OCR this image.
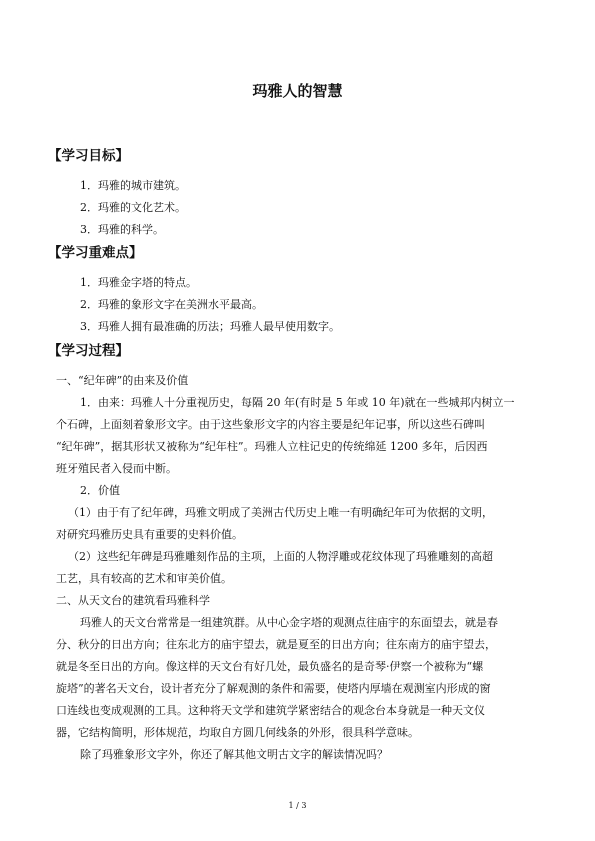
玛雅人的智慧
【学习目标】
1．玛雅的城市建筑。
2．玛雅的文化艺术。
3．玛雅的科学。
【学习重难点】
1．玛雅金字塔的特点。
2．玛雅的象形文字在美洲水平最高。
3．玛雅人拥有最准确的历法；玛雅人最早使用数字。
【学习过程】
一、“纪年碑”的由来及价值
1．由来：玛雅人十分重视历史，每隔 20 年(有时是 5 年或 10 年)就在一些城邦内树立一
个石碑，上面刻着象形文字。由于这些象形文字的内容主要是纪年记事，所以这些石碑叫
“纪年碑”，据其形状又被称为“纪年柱”。玛雅人立柱记史的传统绵延 1200 多年，后因西
班牙殖民者入侵而中断。
2．价值
（1）由于有了纪年碑，玛雅文明成了美洲古代历史上唯一有明确纪年可为依据的文明，
对研究玛雅历史具有重要的史料价值。
（2）这些纪年碑是玛雅雕刻作品的主项，上面的人物浮雕或花纹体现了玛雅雕刻的高超
工艺，具有较高的艺术和审美价值。
二、从天文台的建筑看玛雅科学
玛雅人的天文台常常是一组建筑群。从中心金字塔的观测点往庙宇的东面望去，就是春
分、秋分的日出方向；往东北方的庙宇望去，就是夏至的日出方向；往东南方的庙宇望去，
就是冬至日出的方向。像这样的天文台有好几处，最负盛名的是奇琴·伊察一个被称为“螺
旋塔”的著名天文台，设计者充分了解观测的条件和需要，使塔内厚墙在观测室内形成的窗
口连线也变成观测的工具。这种将天文学和建筑学紧密结合的观念台本身就是一种天文仪
器，它结构简明，形体规范，均取自方圆几何线条的外形，很具科学意味。
除了玛雅象形文字外，你还了解其他文明古文字的解读情况吗？
1 / 3
